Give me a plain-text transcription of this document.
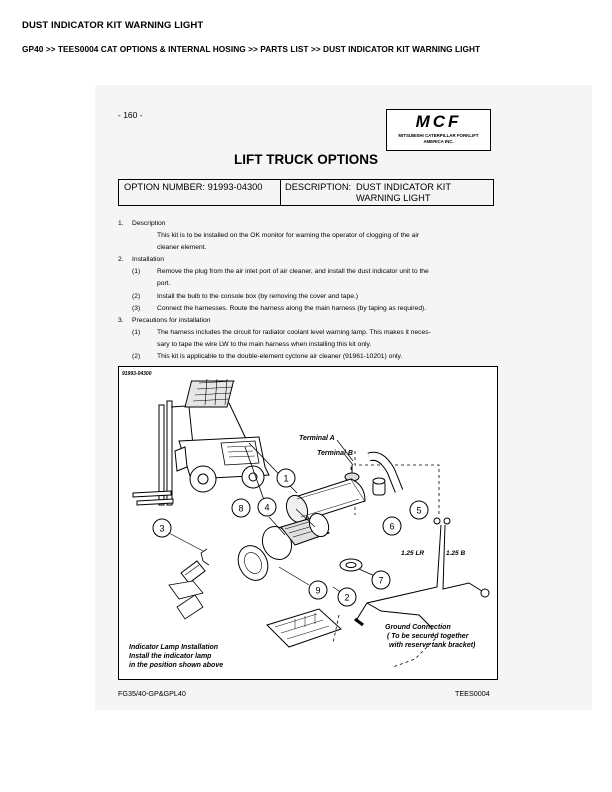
DUST INDICATOR KIT WARNING LIGHT
GP40 >> TEES0004 CAT OPTIONS & INTERNAL HOSING >> PARTS LIST >> DUST INDICATOR KIT WARNING LIGHT
- 160 -	MCF
MITSUBISHI CATERPILLAR FORKLIFT
AMERICA INC.
LIFT TRUCK OPTIONS
OPTION NUMBER: 91993-04300 DESCRIPTION: DUST INDICATOR KIT
WARNING LIGHT
1. Description
This kit is to be installed on the OK monitor for warning the operator of clogging of the air
cleaner element.
2. Installation
(1)	Remove the plug from the air inlet port of air cleaner, and install the dust indicator unit to the
port.
(2)	Install the bulb to the console box (by removing the cover and tape.)
(3)	Connect the harnesses. Route the harness along the main harness (by taping as required).
3. Precautions for installation
(1)	The harness includes the circuit for radiator coolant level warning lamp. This makes it neces-
sary to tape the wire LW to the main harness when installing this kit only.
(2)	This kit is applicable to the double-element cyclone air cleaner (91961-10201) only.
1
2
3
4	5
6
7
8
9
91993-04300
Terminal A
Terminal B
1.25 LR	1.25 B
Ground Connection
( To be secured together
with reserve tank bracket)
Indicator Lamp Installation
Install the indicator lamp
in the position shown above
FG35/40-GP&GPL40	TEES0004
